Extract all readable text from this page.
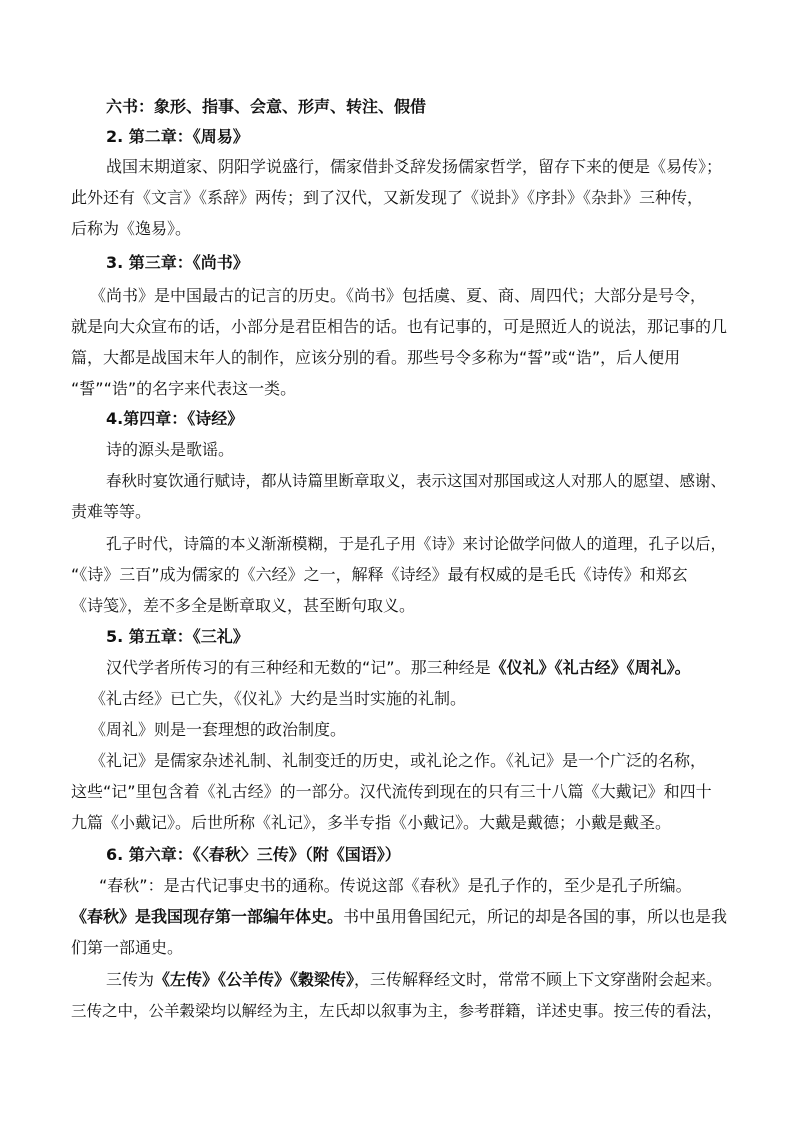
六书：象形、指事、会意、形声、转注、假借
2. 第二章：《周易》
战国末期道家、阴阳学说盛行，儒家借卦爻辞发扬儒家哲学，留存下来的便是《易传》；
此外还有《文言》《系辞》两传；到了汉代，又新发现了《说卦》《序卦》《杂卦》三种传，
后称为《逸易》。
3. 第三章：《尚书》
《尚书》是中国最古的记言的历史。《尚书》包括虞、夏、商、周四代；大部分是号令，
就是向大众宣布的话，小部分是君臣相告的话。也有记事的，可是照近人的说法，那记事的几
篇，大都是战国末年人的制作，应该分别的看。那些号令多称为“誓”或“诰”，后人便用
“誓”“诰”的名字来代表这一类。
4.第四章：《诗经》
诗的源头是歌谣。
春秋时宴饮通行赋诗，都从诗篇里断章取义，表示这国对那国或这人对那人的愿望、感谢、
责难等等。
孔子时代，诗篇的本义渐渐模糊，于是孔子用《诗》来讨论做学问做人的道理，孔子以后，
“《诗》三百”成为儒家的《六经》之一，解释《诗经》最有权威的是毛氏《诗传》和郑玄
《诗笺》，差不多全是断章取义，甚至断句取义。
5. 第五章：《三礼》
汉代学者所传习的有三种经和无数的“记”。那三种经是《仪礼》《礼古经》《周礼》。
《礼古经》已亡失，《仪礼》大约是当时实施的礼制。
《周礼》则是一套理想的政治制度。
《礼记》是儒家杂述礼制、礼制变迁的历史，或礼论之作。《礼记》是一个广泛的名称，
这些“记”里包含着《礼古经》的一部分。汉代流传到现在的只有三十八篇《大戴记》和四十
九篇《小戴记》。后世所称《礼记》，多半专指《小戴记》。大戴是戴德；小戴是戴圣。
6. 第六章：《〈春秋〉三传》（附《国语》）
“春秋”：是古代记事史书的通称。传说这部《春秋》是孔子作的，至少是孔子所编。
《春秋》是我国现存第一部编年体史。书中虽用鲁国纪元，所记的却是各国的事，所以也是我
们第一部通史。
三传为《左传》《公羊传》《穀梁传》，三传解释经文时，常常不顾上下文穿凿附会起来。
三传之中，公羊穀梁均以解经为主，左氏却以叙事为主，参考群籍，详述史事。按三传的看法，
